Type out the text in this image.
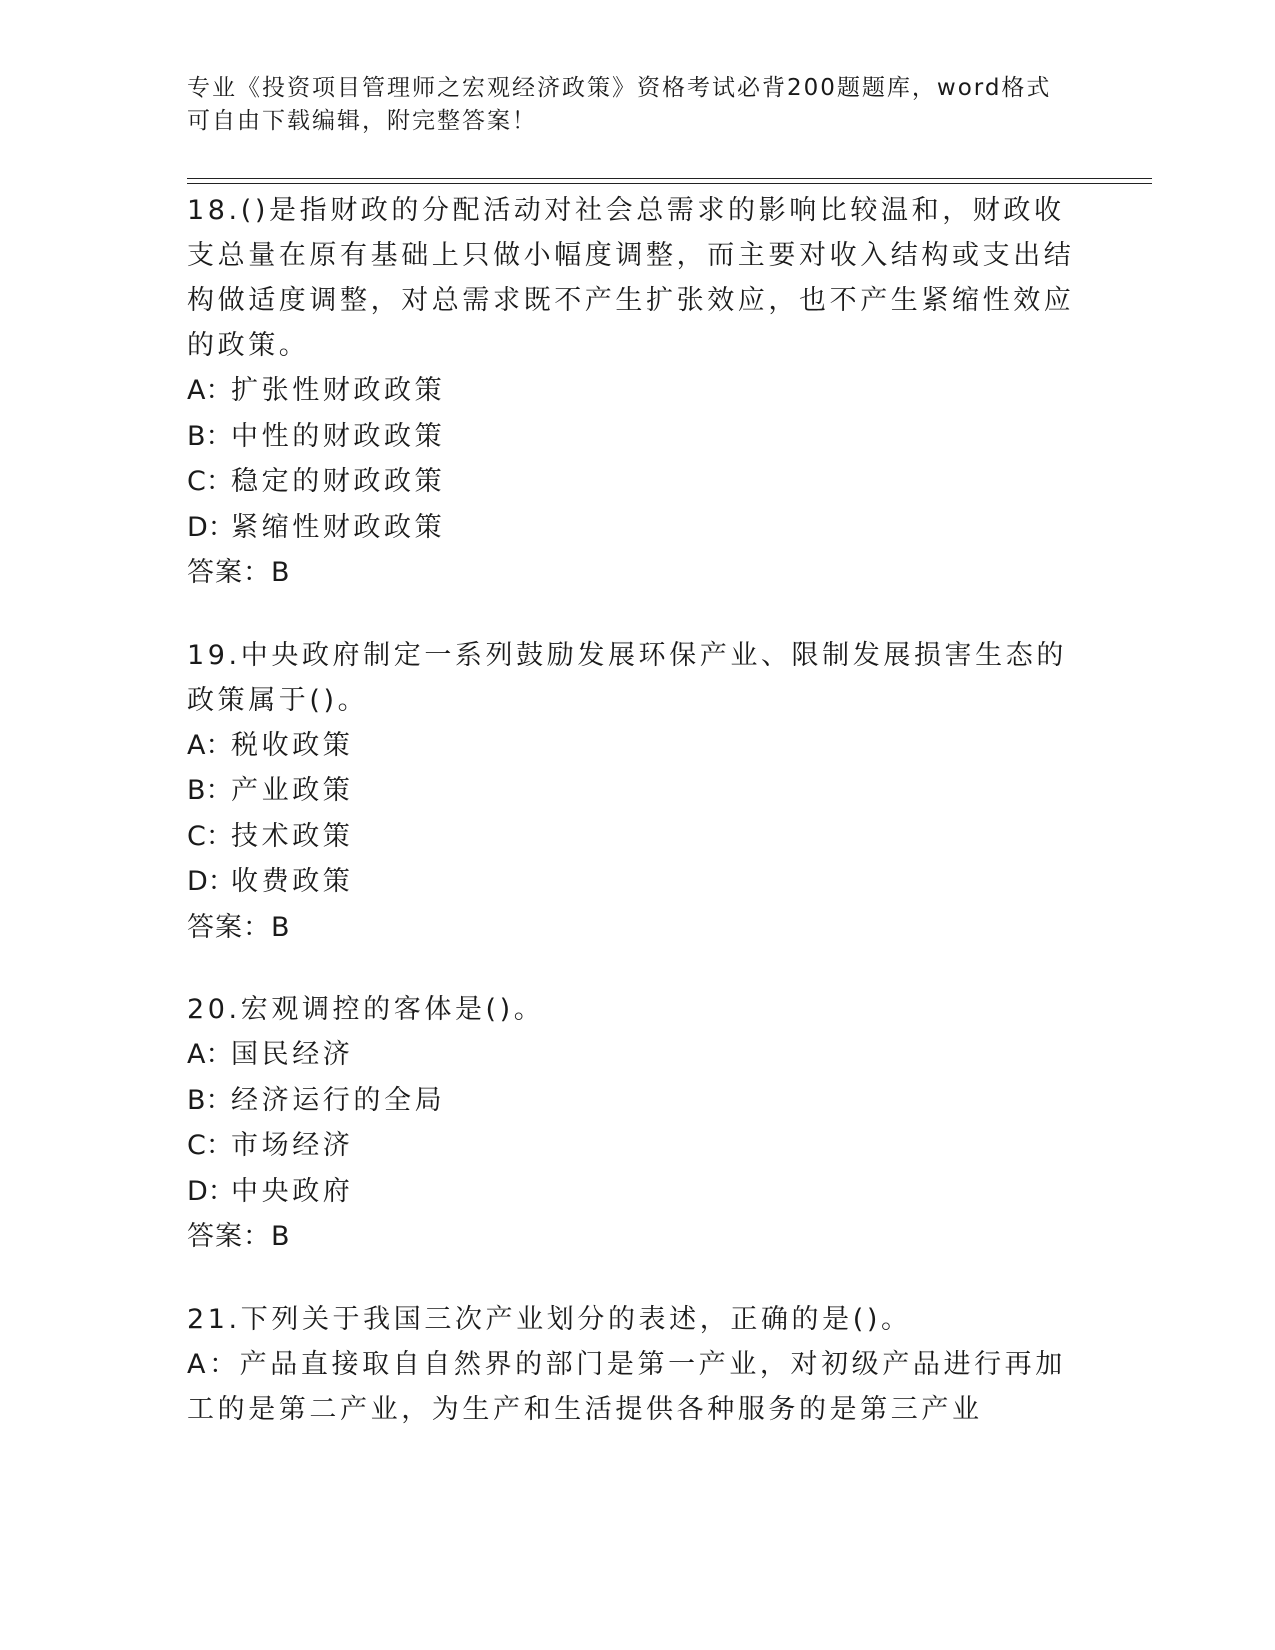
专业《投资项目管理师之宏观经济政策》资格考试必背200题题库，word格式可自由下载编辑，附完整答案！
18.()是指财政的分配活动对社会总需求的影响比较温和，财政收支总量在原有基础上只做小幅度调整，而主要对收入结构或支出结构做适度调整，对总需求既不产生扩张效应，也不产生紧缩性效应的政策。
A：扩张性财政政策
B：中性的财政政策
C：稳定的财政政策
D：紧缩性财政政策
答案：B
19.中央政府制定一系列鼓励发展环保产业、限制发展损害生态的政策属于()。
A：税收政策
B：产业政策
C：技术政策
D：收费政策
答案：B
20.宏观调控的客体是()。
A：国民经济
B：经济运行的全局
C：市场经济
D：中央政府
答案：B
21.下列关于我国三次产业划分的表述，正确的是()。
A：产品直接取自自然界的部门是第一产业，对初级产品进行再加工的是第二产业，为生产和生活提供各种服务的是第三产业
